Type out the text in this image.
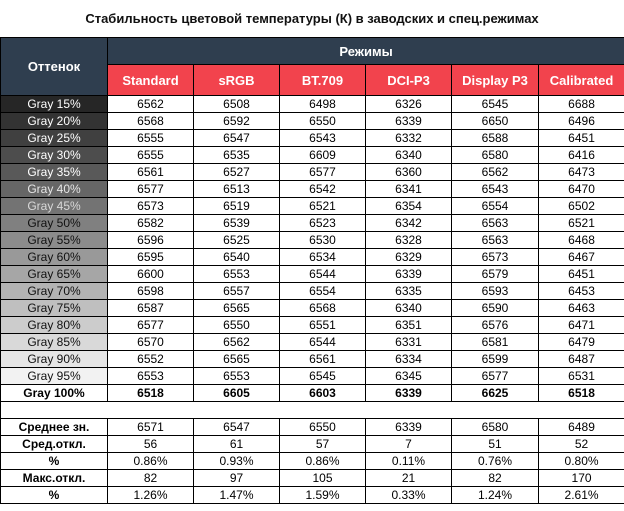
Стабильность цветовой температуры (К) в заводских и спец.режимах
Оттенок	Режимы					
	Standard	sRGB	BT.709	DCI-P3	Display P3	Calibrated
Gray 15%	6562	6508	6498	6326	6545	6688
Gray 20%	6568	6592	6550	6339	6650	6496
Gray 25%	6555	6547	6543	6332	6588	6451
Gray 30%	6555	6535	6609	6340	6580	6416
Gray 35%	6561	6527	6577	6360	6562	6473
Gray 40%	6577	6513	6542	6341	6543	6470
Gray 45%	6573	6519	6521	6354	6554	6502
Gray 50%	6582	6539	6523	6342	6563	6521
Gray 55%	6596	6525	6530	6328	6563	6468
Gray 60%	6595	6540	6534	6329	6573	6467
Gray 65%	6600	6553	6544	6339	6579	6451
Gray 70%	6598	6557	6554	6335	6593	6453
Gray 75%	6587	6565	6568	6340	6590	6463
Gray 80%	6577	6550	6551	6351	6576	6471
Gray 85%	6570	6562	6544	6331	6581	6479
Gray 90%	6552	6565	6561	6334	6599	6487
Gray 95%	6553	6553	6545	6345	6577	6531
Gray 100%	6518	6605	6603	6339	6625	6518

Среднее зн.	6571	6547	6550	6339	6580	6489
Сред.откл.	56	61	57	7	51	52
%	0.86%	0.93%	0.86%	0.11%	0.76%	0.80%
Макс.откл.	82	97	105	21	82	170
%	1.26%	1.47%	1.59%	0.33%	1.24%	2.61%
